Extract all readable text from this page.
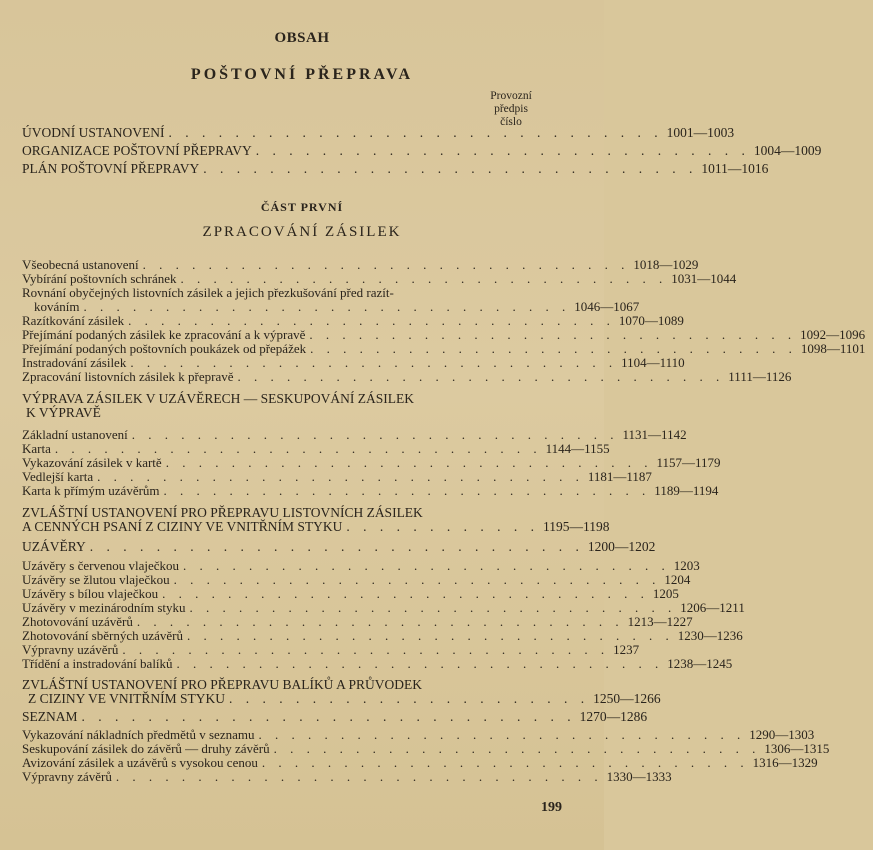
OBSAH
POŠTOVNÍ PŘEPRAVA
Provozní
předpis
číslo
ÚVODNÍ USTANOVENÍ . . . . . . . . . . . . . . . . . . . . . . . . . . . . . . 1001—1003
ORGANIZACE POŠTOVNÍ PŘEPRAVY . . . . . . . . . . . . . . . . . . . . . . . . . . . . . . 1004—1009
PLÁN POŠTOVNÍ PŘEPRAVY . . . . . . . . . . . . . . . . . . . . . . . . . . . . . . 1011—1016
ČÁST PRVNÍ
ZPRACOVÁNÍ ZÁSILEK
Všeobecná ustanovení . . . . . . . . . . . . . . . . . . . . . . . . . . . . . . 1018—1029
Vybírání poštovních schránek . . . . . . . . . . . . . . . . . . . . . . . . . . . . . . 1031—1044
Rovnání obyčejných listovních zásilek a jejich přezkušování před razít-
kováním . . . . . . . . . . . . . . . . . . . . . . . . . . . . . . 1046—1067
Razítkování zásilek . . . . . . . . . . . . . . . . . . . . . . . . . . . . . . 1070—1089
Přejímání podaných zásilek ke zpracování a k výpravě . . . . . . . . . . . . . . . . . . . . . . . . . . . . . . 1092—1096
Přejímání podaných poštovních poukázek od přepážek . . . . . . . . . . . . . . . . . . . . . . . . . . . . . . 1098—1101
Instradování zásilek . . . . . . . . . . . . . . . . . . . . . . . . . . . . . . 1104—1110
Zpracování listovních zásilek k přepravě . . . . . . . . . . . . . . . . . . . . . . . . . . . . . . 1111—1126
VÝPRAVA ZÁSILEK V UZÁVĚRECH — SESKUPOVÁNÍ ZÁSILEK
K VÝPRAVĚ
Základní ustanovení . . . . . . . . . . . . . . . . . . . . . . . . . . . . . . 1131—1142
Karta . . . . . . . . . . . . . . . . . . . . . . . . . . . . . . 1144—1155
Vykazování zásilek v kartě . . . . . . . . . . . . . . . . . . . . . . . . . . . . . . 1157—1179
Vedlejší karta . . . . . . . . . . . . . . . . . . . . . . . . . . . . . . 1181—1187
Karta k přímým uzávěrům . . . . . . . . . . . . . . . . . . . . . . . . . . . . . . 1189—1194
ZVLÁŠTNÍ USTANOVENÍ PRO PŘEPRAVU LISTOVNÍCH ZÁSILEK
A CENNÝCH PSANÍ Z CIZINY VE VNITŘNÍM STYKU . . . . . . . . . . . . 1195—1198
UZÁVĚRY . . . . . . . . . . . . . . . . . . . . . . . . . . . . . . 1200—1202
Uzávěry s červenou vlaječkou . . . . . . . . . . . . . . . . . . . . . . . . . . . . . . 1203
Uzávěry se žlutou vlaječkou . . . . . . . . . . . . . . . . . . . . . . . . . . . . . . 1204
Uzávěry s bílou vlaječkou . . . . . . . . . . . . . . . . . . . . . . . . . . . . . . 1205
Uzávěry v mezinárodním styku . . . . . . . . . . . . . . . . . . . . . . . . . . . . . . 1206—1211
Zhotovování uzávěrů . . . . . . . . . . . . . . . . . . . . . . . . . . . . . . 1213—1227
Zhotovování sběrných uzávěrů . . . . . . . . . . . . . . . . . . . . . . . . . . . . . . 1230—1236
Výpravny uzávěrů . . . . . . . . . . . . . . . . . . . . . . . . . . . . . . 1237
Třídění a instradování balíků . . . . . . . . . . . . . . . . . . . . . . . . . . . . . . 1238—1245
ZVLÁŠTNÍ USTANOVENÍ PRO PŘEPRAVU BALÍKŮ A PRŮVODEK
Z CIZINY VE VNITŘNÍM STYKU . . . . . . . . . . . . . . . . . . . . . . 1250—1266
SEZNAM . . . . . . . . . . . . . . . . . . . . . . . . . . . . . . 1270—1286
Vykazování nákladních předmětů v seznamu . . . . . . . . . . . . . . . . . . . . . . . . . . . . . . 1290—1303
Seskupování zásilek do závěrů — druhy závěrů . . . . . . . . . . . . . . . . . . . . . . . . . . . . . . 1306—1315
Avizování zásilek a uzávěrů s vysokou cenou . . . . . . . . . . . . . . . . . . . . . . . . . . . . . . 1316—1329
Výpravny závěrů . . . . . . . . . . . . . . . . . . . . . . . . . . . . . . 1330—1333
199
